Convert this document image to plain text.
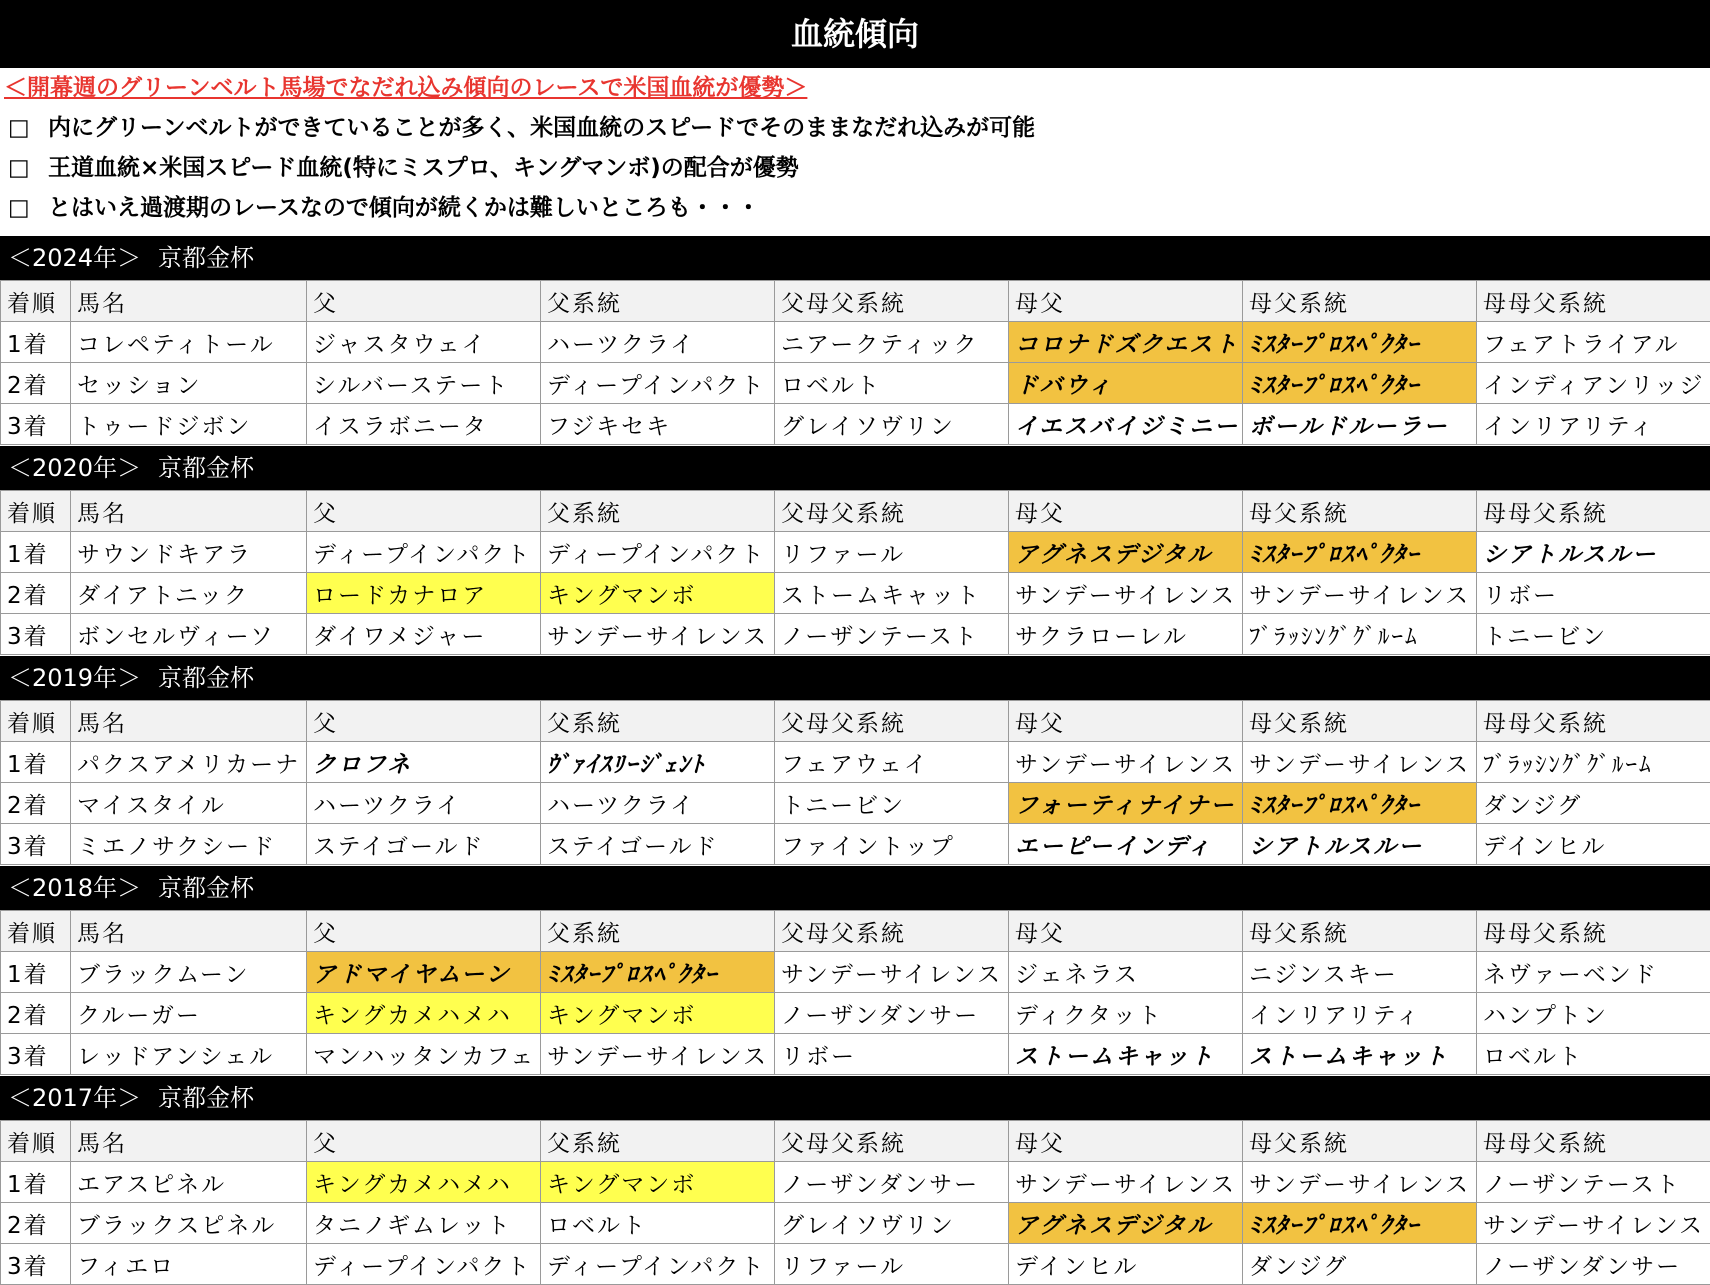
血統傾向
＜開幕週のグリーンベルト馬場でなだれ込み傾向のレースで米国血統が優勢＞
□ 内にグリーンベルトができていることが多く、米国血統のスピードでそのままなだれ込みが可能
□ 王道血統×米国スピード血統(特にミスプロ、キングマンボ)の配合が優勢
□ とはいえ過渡期のレースなので傾向が続くかは難しいところも・・・
＜2024年＞ 京都金杯
着順	馬名	父	父系統	父母父系統	母父	母父系統	母母父系統
1着	コレペティトール	ジャスタウェイ	ハーツクライ	ニアークティック	コロナドズクエスト	ﾐｽﾀｰﾌﾟﾛｽﾍﾟｸﾀｰ	フェアトライアル
2着	セッション	シルバーステート	ディープインパクト	ロベルト	ドバウィ	ﾐｽﾀｰﾌﾟﾛｽﾍﾟｸﾀｰ	インディアンリッジ
3着	トゥードジボン	イスラボニータ	フジキセキ	グレイソヴリン	イエスバイジミニー	ボールドルーラー	インリアリティ
＜2020年＞ 京都金杯
着順	馬名	父	父系統	父母父系統	母父	母父系統	母母父系統
1着	サウンドキアラ	ディープインパクト	ディープインパクト	リファール	アグネスデジタル	ﾐｽﾀｰﾌﾟﾛｽﾍﾟｸﾀｰ	シアトルスルー
2着	ダイアトニック	ロードカナロア	キングマンボ	ストームキャット	サンデーサイレンス	サンデーサイレンス	リボー
3着	ボンセルヴィーソ	ダイワメジャー	サンデーサイレンス	ノーザンテースト	サクラローレル	ﾌﾞﾗｯｼﾝｸﾞｸﾞﾙｰﾑ	トニービン
＜2019年＞ 京都金杯
着順	馬名	父	父系統	父母父系統	母父	母父系統	母母父系統
1着	パクスアメリカーナ	クロフネ	ｳﾞｧｲｽﾘｰｼﾞｪﾝﾄ	フェアウェイ	サンデーサイレンス	サンデーサイレンス	ﾌﾞﾗｯｼﾝｸﾞｸﾞﾙｰﾑ
2着	マイスタイル	ハーツクライ	ハーツクライ	トニービン	フォーティナイナー	ﾐｽﾀｰﾌﾟﾛｽﾍﾟｸﾀｰ	ダンジグ
3着	ミエノサクシード	ステイゴールド	ステイゴールド	ファイントップ	エーピーインディ	シアトルスルー	デインヒル
＜2018年＞ 京都金杯
着順	馬名	父	父系統	父母父系統	母父	母父系統	母母父系統
1着	ブラックムーン	アドマイヤムーン	ﾐｽﾀｰﾌﾟﾛｽﾍﾟｸﾀｰ	サンデーサイレンス	ジェネラス	ニジンスキー	ネヴァーベンド
2着	クルーガー	キングカメハメハ	キングマンボ	ノーザンダンサー	ディクタット	インリアリティ	ハンプトン
3着	レッドアンシェル	マンハッタンカフェ	サンデーサイレンス	リボー	ストームキャット	ストームキャット	ロベルト
＜2017年＞ 京都金杯
着順	馬名	父	父系統	父母父系統	母父	母父系統	母母父系統
1着	エアスピネル	キングカメハメハ	キングマンボ	ノーザンダンサー	サンデーサイレンス	サンデーサイレンス	ノーザンテースト
2着	ブラックスピネル	タニノギムレット	ロベルト	グレイソヴリン	アグネスデジタル	ﾐｽﾀｰﾌﾟﾛｽﾍﾟｸﾀｰ	サンデーサイレンス
3着	フィエロ	ディープインパクト	ディープインパクト	リファール	デインヒル	ダンジグ	ノーザンダンサー
